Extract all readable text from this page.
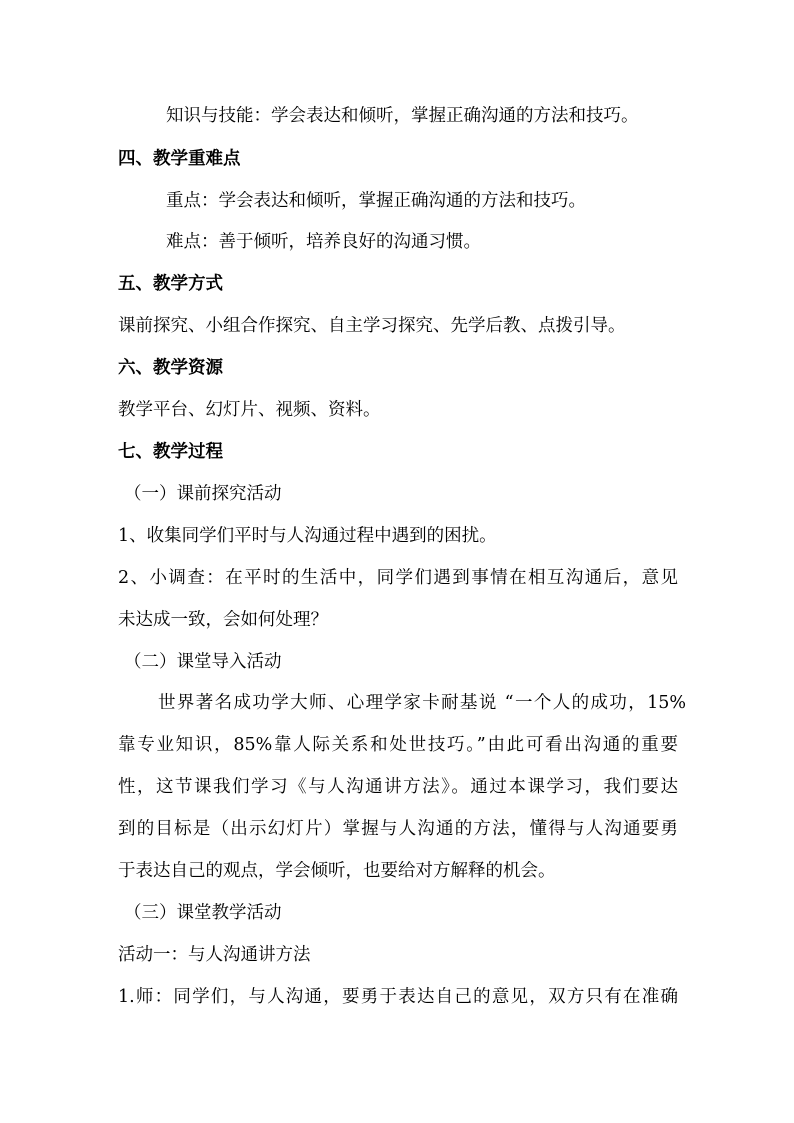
知识与技能：学会表达和倾听，掌握正确沟通的方法和技巧。
四、教学重难点
重点：学会表达和倾听，掌握正确沟通的方法和技巧。
难点：善于倾听，培养良好的沟通习惯。
五、教学方式
课前探究、小组合作探究、自主学习探究、先学后教、点拨引导。
六、教学资源
教学平台、幻灯片、视频、资料。
七、教学过程
（一）课前探究活动
1、收集同学们平时与人沟通过程中遇到的困扰。
2、小调查：在平时的生活中，同学们遇到事情在相互沟通后，意见
未达成一致，会如何处理？
（二）课堂导入活动
世界著名成功学大师、心理学家卡耐基说 “一个人的成功，15%
靠专业知识，85%靠人际关系和处世技巧。”由此可看出沟通的重要
性，这节课我们学习《与人沟通讲方法》。通过本课学习，我们要达
到的目标是（出示幻灯片）掌握与人沟通的方法，懂得与人沟通要勇
于表达自己的观点，学会倾听，也要给对方解释的机会。
（三）课堂教学活动
活动一：与人沟通讲方法
1.师：同学们，与人沟通，要勇于表达自己的意见，双方只有在准确
